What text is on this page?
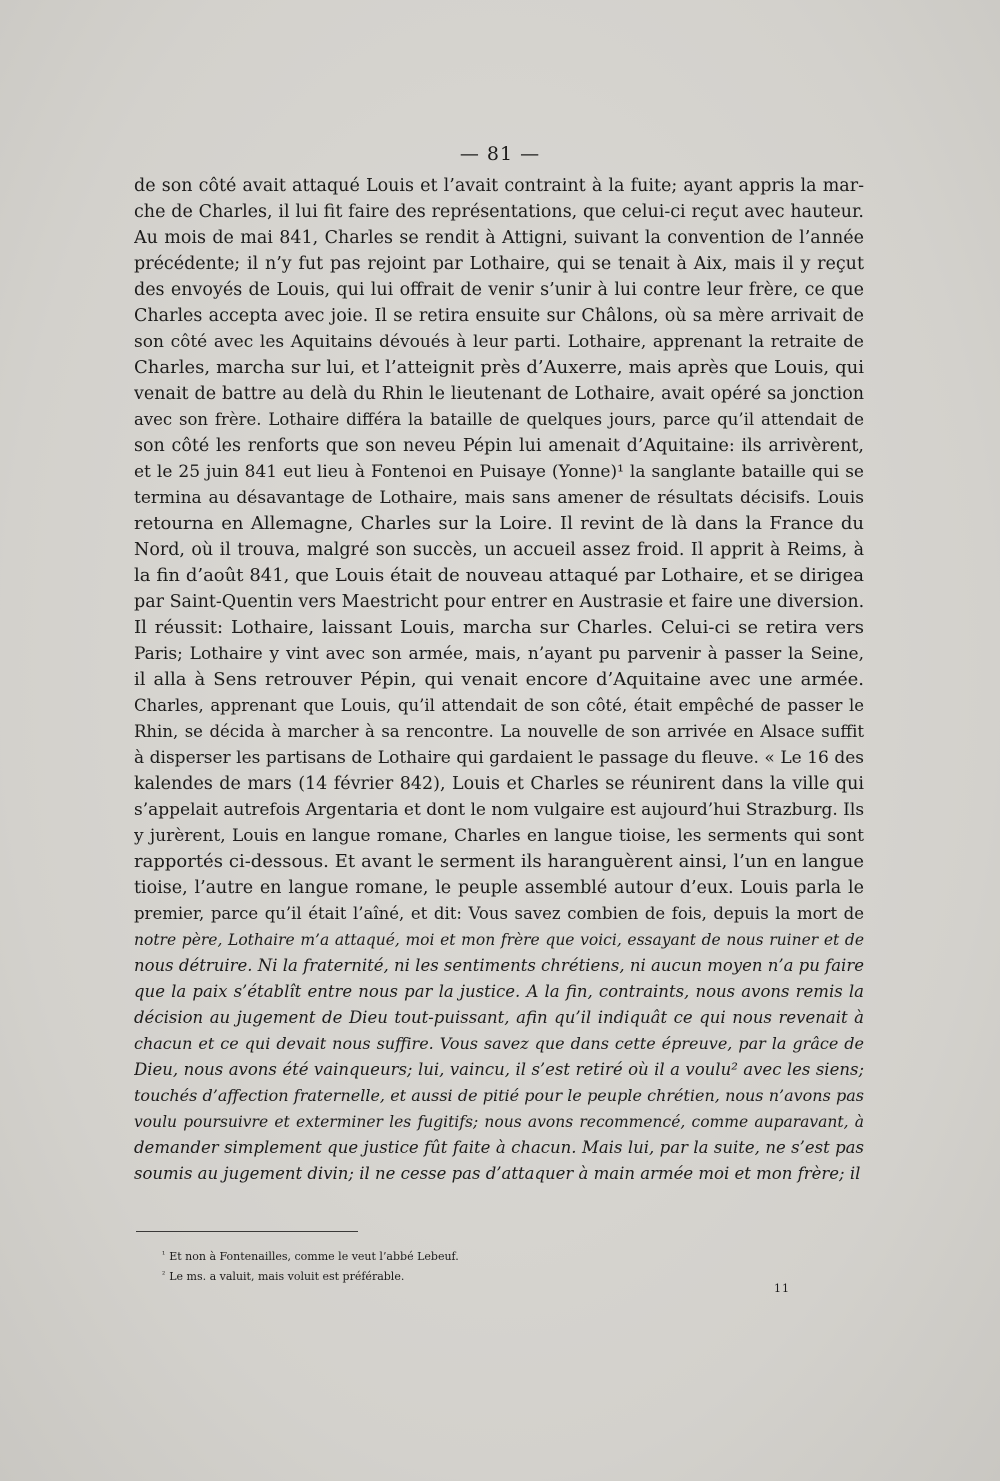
— 81 —
de son côté avait attaqué Louis et l’avait contraint à la fuite; ayant appris la mar-
che de Charles, il lui fit faire des représentations, que celui-ci reçut avec hauteur.
Au mois de mai 841, Charles se rendit à Attigni, suivant la convention de l’année
précédente; il n’y fut pas rejoint par Lothaire, qui se tenait à Aix, mais il y reçut
des envoyés de Louis, qui lui offrait de venir s’unir à lui contre leur frère, ce que
Charles accepta avec joie. Il se retira ensuite sur Châlons, où sa mère arrivait de
son côté avec les Aquitains dévoués à leur parti. Lothaire, apprenant la retraite de
Charles, marcha sur lui, et l’atteignit près d’Auxerre, mais après que Louis, qui
venait de battre au delà du Rhin le lieutenant de Lothaire, avait opéré sa jonction
avec son frère. Lothaire différa la bataille de quelques jours, parce qu’il attendait de
son côté les renforts que son neveu Pépin lui amenait d’Aquitaine: ils arrivèrent,
et le 25 juin 841 eut lieu à Fontenoi en Puisaye (Yonne)¹ la sanglante bataille qui se
termina au désavantage de Lothaire, mais sans amener de résultats décisifs. Louis
retourna en Allemagne, Charles sur la Loire. Il revint de là dans la France du
Nord, où il trouva, malgré son succès, un accueil assez froid. Il apprit à Reims, à
la fin d’août 841, que Louis était de nouveau attaqué par Lothaire, et se dirigea
par Saint-Quentin vers Maestricht pour entrer en Austrasie et faire une diversion.
Il réussit: Lothaire, laissant Louis, marcha sur Charles. Celui-ci se retira vers
Paris; Lothaire y vint avec son armée, mais, n’ayant pu parvenir à passer la Seine,
il alla à Sens retrouver Pépin, qui venait encore d’Aquitaine avec une armée.
Charles, apprenant que Louis, qu’il attendait de son côté, était empêché de passer le
Rhin, se décida à marcher à sa rencontre. La nouvelle de son arrivée en Alsace suffit
à disperser les partisans de Lothaire qui gardaient le passage du fleuve. « Le 16 des
kalendes de mars (14 février 842), Louis et Charles se réunirent dans la ville qui
s’appelait autrefois Argentaria et dont le nom vulgaire est aujourd’hui Strazburg. Ils
y jurèrent, Louis en langue romane, Charles en langue tioise, les serments qui sont
rapportés ci-dessous. Et avant le serment ils haranguèrent ainsi, l’un en langue
tioise, l’autre en langue romane, le peuple assemblé autour d’eux. Louis parla le
premier, parce qu’il était l’aîné, et dit: Vous savez combien de fois, depuis la mort de
notre père, Lothaire m’a attaqué, moi et mon frère que voici, essayant de nous ruiner et de
nous détruire. Ni la fraternité, ni les sentiments chrétiens, ni aucun moyen n’a pu faire
que la paix s’établît entre nous par la justice. A la fin, contraints, nous avons remis la
décision au jugement de Dieu tout-puissant, afin qu’il indiquât ce qui nous revenait à
chacun et ce qui devait nous suffire. Vous savez que dans cette épreuve, par la grâce de
Dieu, nous avons été vainqueurs; lui, vaincu, il s’est retiré où il a voulu² avec les siens;
touchés d’affection fraternelle, et aussi de pitié pour le peuple chrétien, nous n’avons pas
voulu poursuivre et exterminer les fugitifs; nous avons recommencé, comme auparavant, à
demander simplement que justice fût faite à chacun. Mais lui, par la suite, ne s’est pas
soumis au jugement divin; il ne cesse pas d’attaquer à main armée moi et mon frère; il
$^{^1}$ Et non à Fontenailles, comme le veut l’abbé Lebeuf.
$^{^2}$ Le ms. a valuit, mais voluit est préférable.
11
